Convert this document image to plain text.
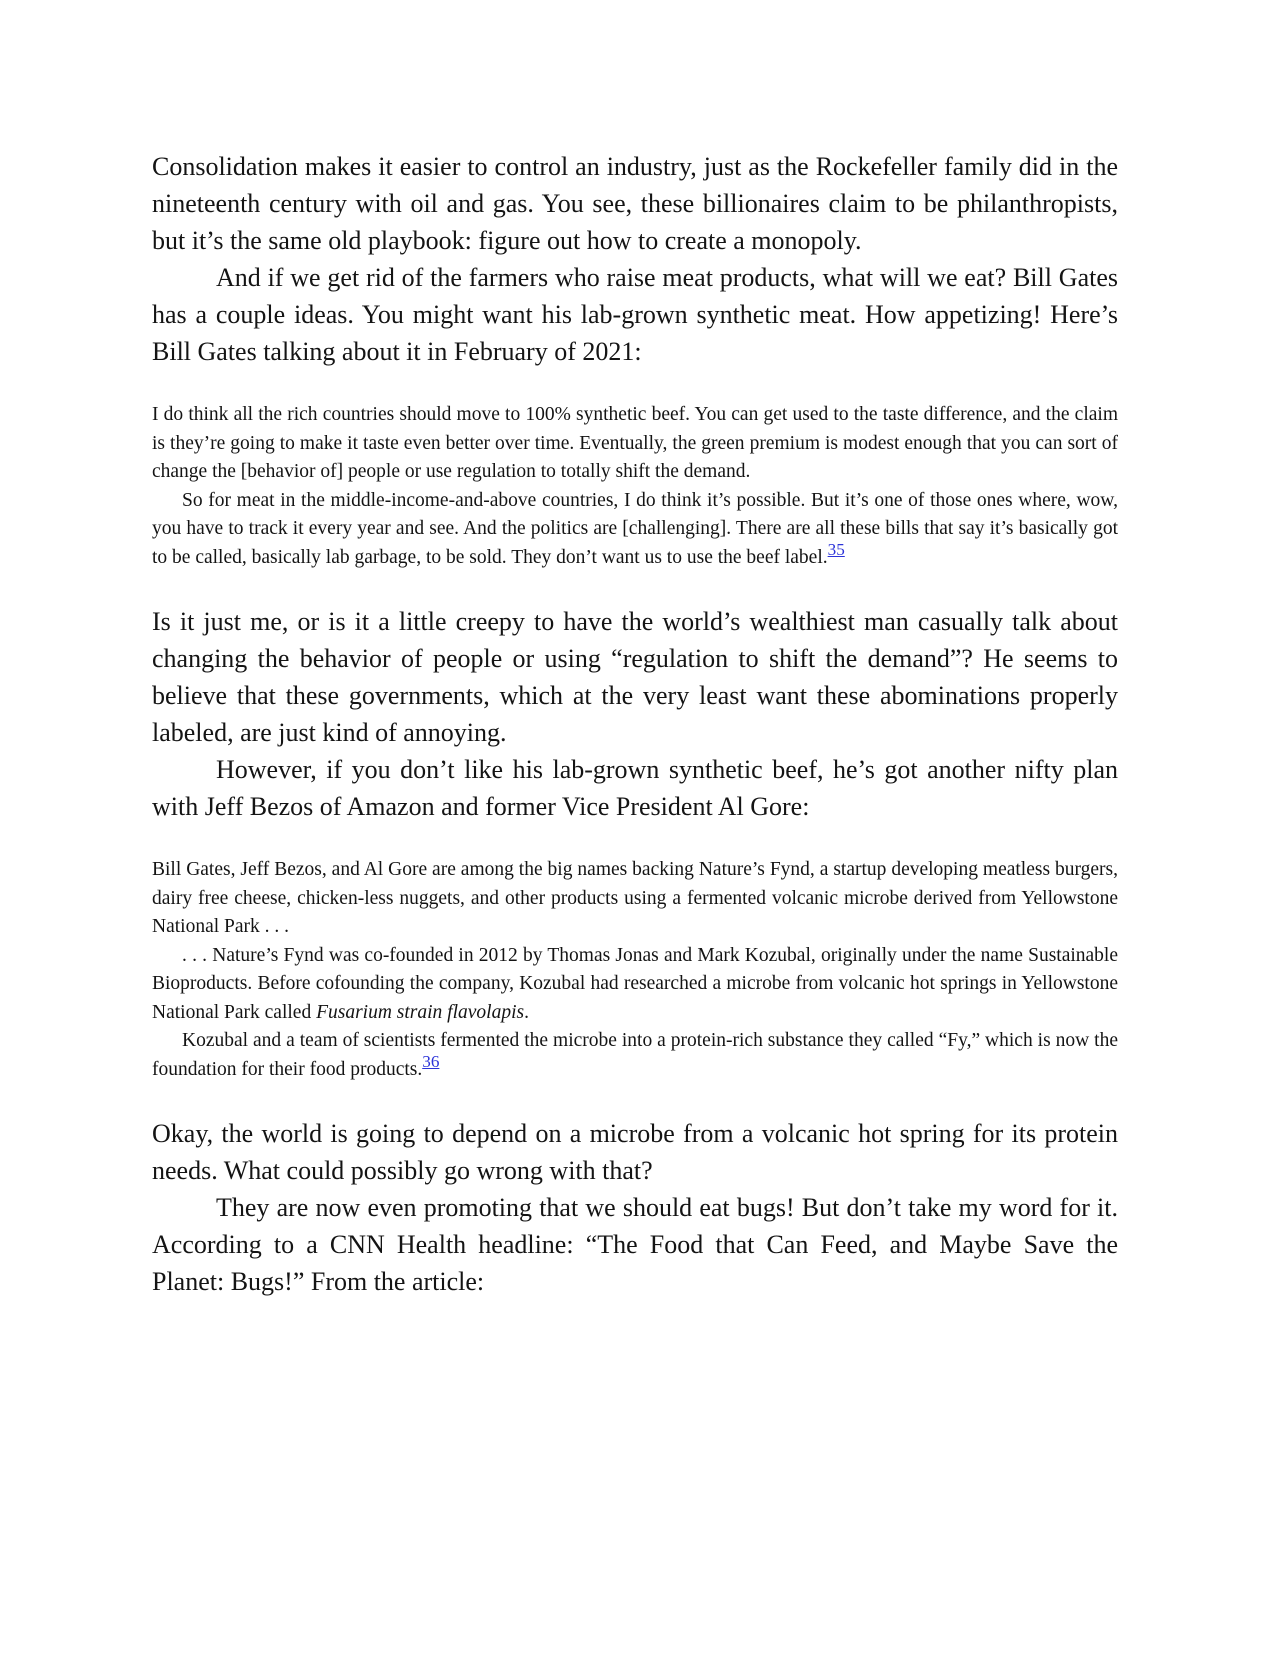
Consolidation makes it easier to control an industry, just as the Rockefeller family did in the nineteenth century with oil and gas. You see, these billionaires claim to be philanthropists, but it’s the same old playbook: figure out how to create a monopoly.

And if we get rid of the farmers who raise meat products, what will we eat? Bill Gates has a couple ideas. You might want his lab-grown synthetic meat. How appetizing! Here’s Bill Gates talking about it in February of 2021:

I do think all the rich countries should move to 100% synthetic beef. You can get used to the taste difference, and the claim is they’re going to make it taste even better over time. Eventually, the green premium is modest enough that you can sort of change the [behavior of] people or use regulation to totally shift the demand.

So for meat in the middle-income-and-above countries, I do think it’s possible. But it’s one of those ones where, wow, you have to track it every year and see. And the politics are [challenging]. There are all these bills that say it’s basically got to be called, basically lab garbage, to be sold. They don’t want us to use the beef label.35

Is it just me, or is it a little creepy to have the world’s wealthiest man casually talk about changing the behavior of people or using “regulation to shift the demand”? He seems to believe that these governments, which at the very least want these abominations properly labeled, are just kind of annoying.

However, if you don’t like his lab-grown synthetic beef, he’s got another nifty plan with Jeff Bezos of Amazon and former Vice President Al Gore:

Bill Gates, Jeff Bezos, and Al Gore are among the big names backing Nature’s Fynd, a startup developing meatless burgers, dairy free cheese, chicken-less nuggets, and other products using a fermented volcanic microbe derived from Yellowstone National Park . . .

. . . Nature’s Fynd was co-founded in 2012 by Thomas Jonas and Mark Kozubal, originally under the name Sustainable Bioproducts. Before cofounding the company, Kozubal had researched a microbe from volcanic hot springs in Yellowstone National Park called Fusarium strain flavolapis.

Kozubal and a team of scientists fermented the microbe into a protein-rich substance they called “Fy,” which is now the foundation for their food products.36

Okay, the world is going to depend on a microbe from a volcanic hot spring for its protein needs. What could possibly go wrong with that?

They are now even promoting that we should eat bugs! But don’t take my word for it. According to a CNN Health headline: “The Food that Can Feed, and Maybe Save the Planet: Bugs!” From the article:
